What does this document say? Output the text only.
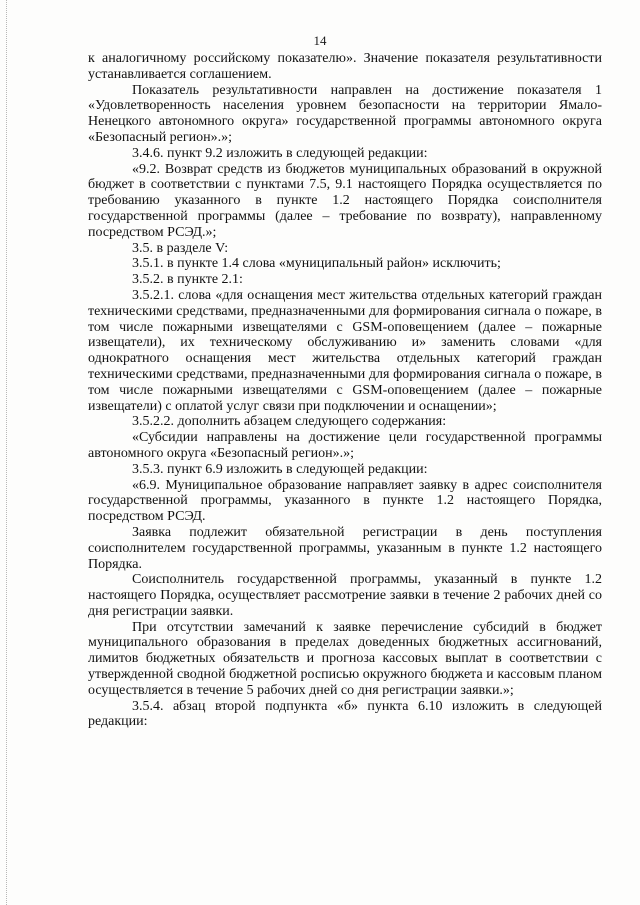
14

к аналогичному российскому показателю». Значение показателя результативности устанавливается соглашением.

Показатель результативности направлен на достижение показателя 1 «Удовлетворенность населения уровнем безопасности на территории Ямало-Ненецкого автономного округа» государственной программы автономного округа «Безопасный регион».»;

3.4.6. пункт 9.2 изложить в следующей редакции:

«9.2. Возврат средств из бюджетов муниципальных образований в окружной бюджет в соответствии с пунктами 7.5, 9.1 настоящего Порядка осуществляется по требованию указанного в пункте 1.2 настоящего Порядка соисполнителя государственной программы (далее – требование по возврату), направленному посредством РСЭД.»;

3.5. в разделе V:

3.5.1. в пункте 1.4 слова «муниципальный район» исключить;

3.5.2. в пункте 2.1:

3.5.2.1. слова «для оснащения мест жительства отдельных категорий граждан техническими средствами, предназначенными для формирования сигнала о пожаре, в том числе пожарными извещателями с GSM-оповещением (далее – пожарные извещатели), их техническому обслуживанию и» заменить словами «для однократного оснащения мест жительства отдельных категорий граждан техническими средствами, предназначенными для формирования сигнала о пожаре, в том числе пожарными извещателями с GSM-оповещением (далее – пожарные извещатели) с оплатой услуг связи при подключении и оснащении»;

3.5.2.2. дополнить абзацем следующего содержания:

«Субсидии направлены на достижение цели государственной программы автономного округа «Безопасный регион».»;

3.5.3. пункт 6.9 изложить в следующей редакции:

«6.9. Муниципальное образование направляет заявку в адрес соисполнителя государственной программы, указанного в пункте 1.2 настоящего Порядка, посредством РСЭД.

Заявка подлежит обязательной регистрации в день поступления соисполнителем государственной программы, указанным в пункте 1.2 настоящего Порядка.

Соисполнитель государственной программы, указанный в пункте 1.2 настоящего Порядка, осуществляет рассмотрение заявки в течение 2 рабочих дней со дня регистрации заявки.

При отсутствии замечаний к заявке перечисление субсидий в бюджет муниципального образования в пределах доведенных бюджетных ассигнований, лимитов бюджетных обязательств и прогноза кассовых выплат в соответствии с утвержденной сводной бюджетной росписью окружного бюджета и кассовым планом осуществляется в течение 5 рабочих дней со дня регистрации заявки.»;

3.5.4. абзац второй подпункта «б» пункта 6.10 изложить в следующей редакции:
